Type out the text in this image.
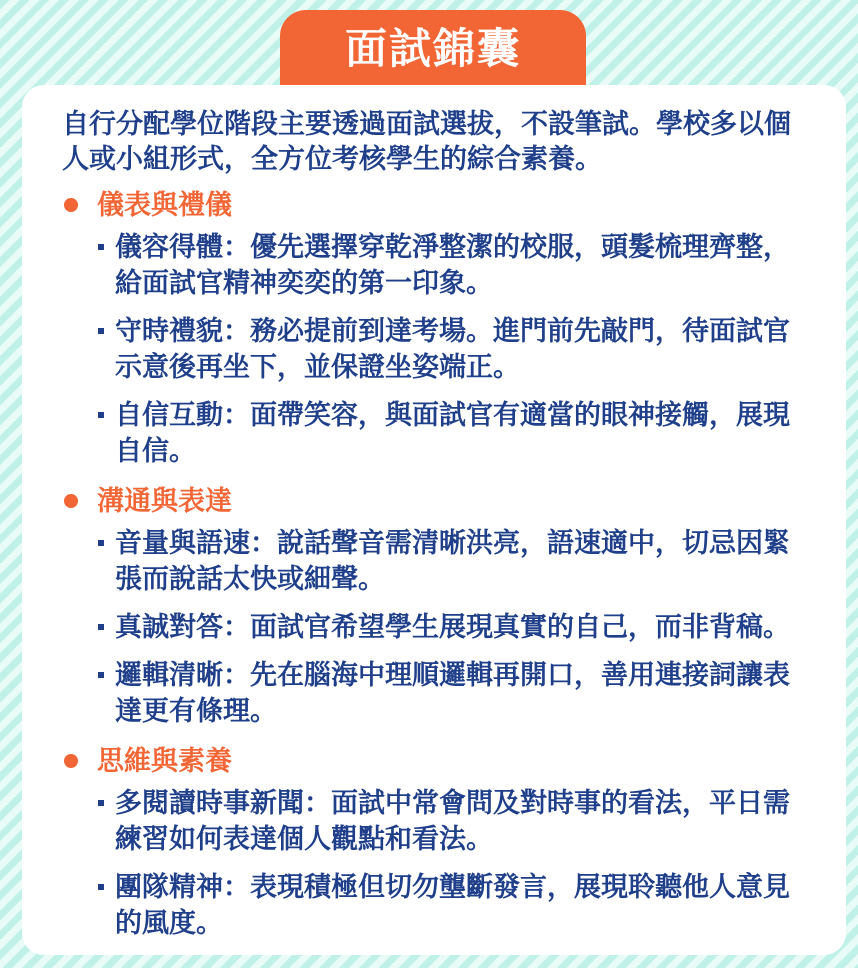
面試錦囊

自行分配學位階段主要透過面試選拔，不設筆試。學校多以個人或小組形式，全方位考核學生的綜合素養。

儀表與禮儀
儀容得體：優先選擇穿乾淨整潔的校服，頭髮梳理齊整，給面試官精神奕奕的第一印象。
守時禮貌：務必提前到達考場。進門前先敲門，待面試官示意後再坐下，並保證坐姿端正。
自信互動：面帶笑容，與面試官有適當的眼神接觸，展現自信。
溝通與表達
音量與語速：說話聲音需清晰洪亮，語速適中，切忌因緊張而說話太快或細聲。
真誠對答：面試官希望學生展現真實的自己，而非背稿。
邏輯清晰：先在腦海中理順邏輯再開口，善用連接詞讓表達更有條理。
思維與素養
多閱讀時事新聞：面試中常會問及對時事的看法，平日需練習如何表達個人觀點和看法。
團隊精神：表現積極但切勿壟斷發言，展現聆聽他人意見的風度。
